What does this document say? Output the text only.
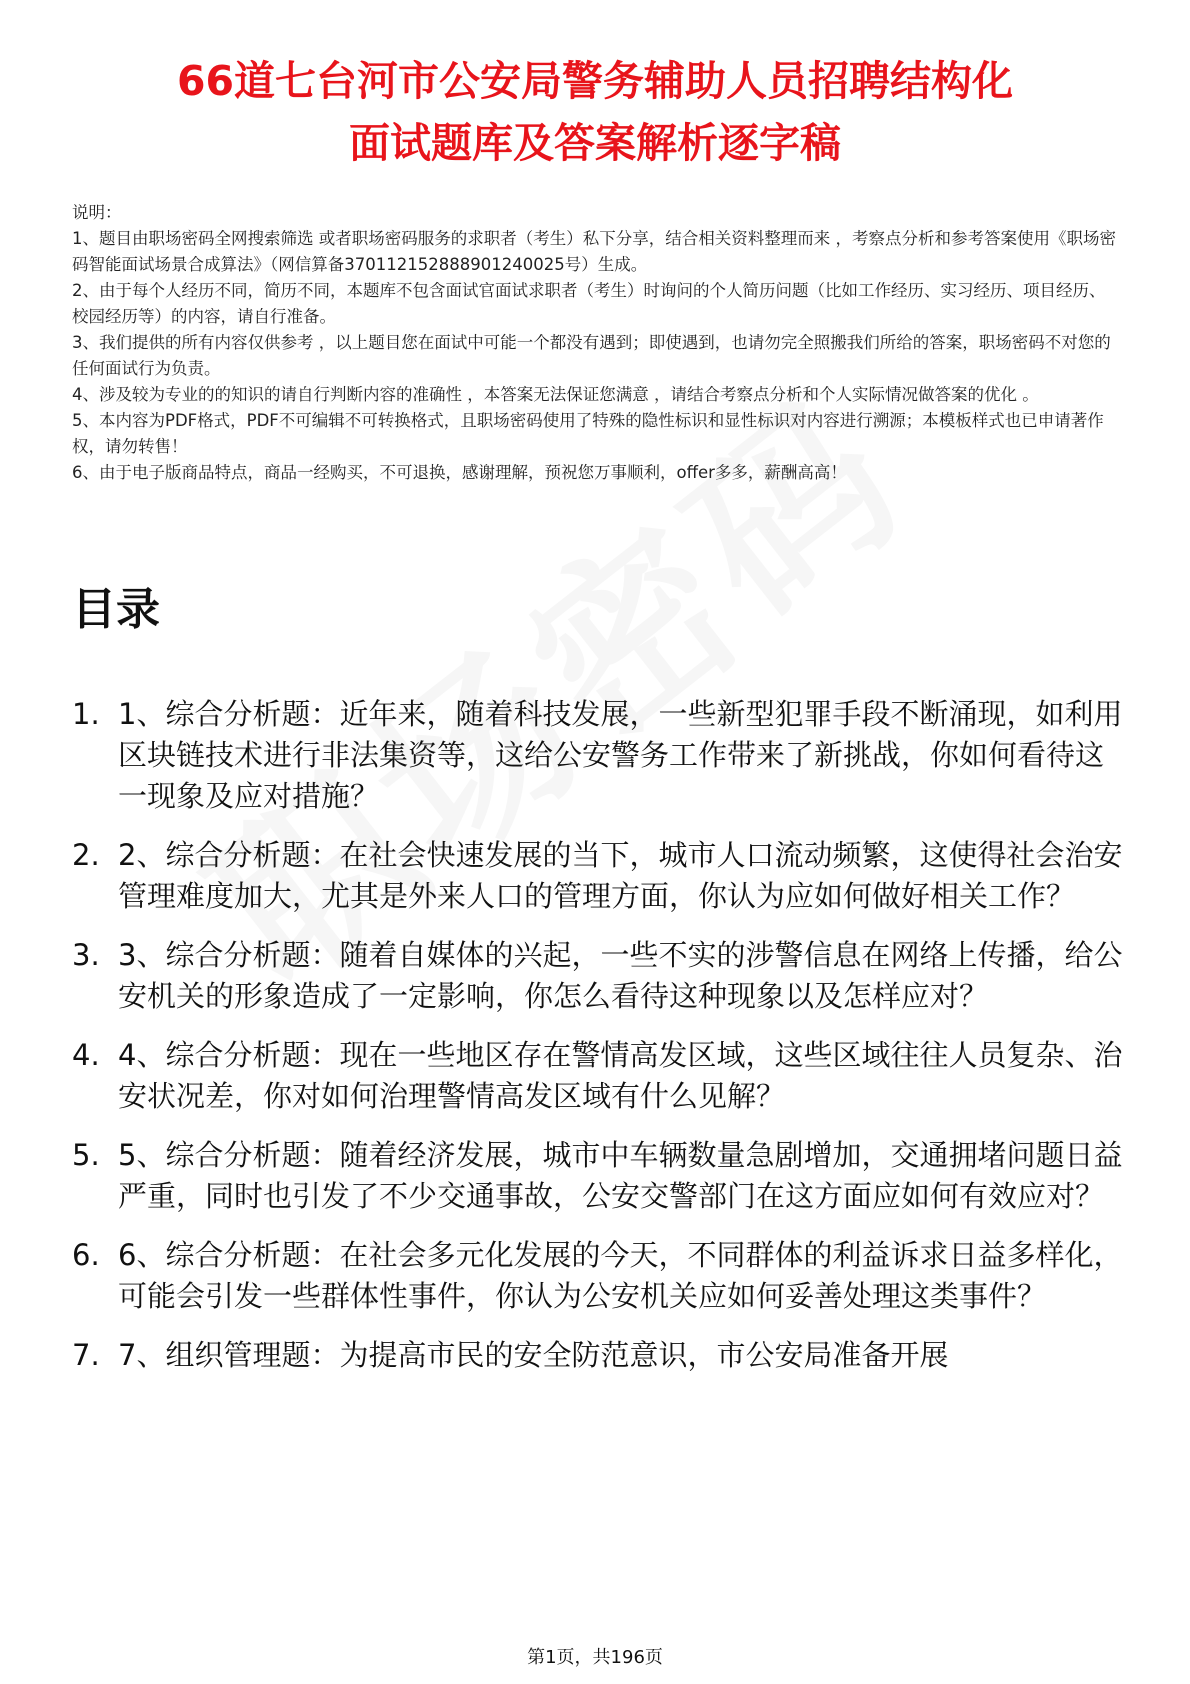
66道七台河市公安局警务辅助人员招聘结构化
面试题库及答案解析逐字稿
说明：
1、题目由职场密码全网搜索筛选 或者职场密码服务的求职者（考生）私下分享，结合相关资料整理而来 ，考察点分析和参考答案使用《职场密码智能面试场景合成算法》（网信算备370112152888901240025号）生成。
2、由于每个人经历不同，简历不同，本题库不包含面试官面试求职者（考生）时询问的个人简历问题（比如工作经历、实习经历、项目经历、校园经历等）的内容，请自行准备。
3、我们提供的所有内容仅供参考 ，以上题目您在面试中可能一个都没有遇到；即使遇到，也请勿完全照搬我们所给的答案，职场密码不对您的任何面试行为负责。
4、涉及较为专业的的知识的请自行判断内容的准确性 ，本答案无法保证您满意 ，请结合考察点分析和个人实际情况做答案的优化 。
5、本内容为PDF格式，PDF不可编辑不可转换格式，且职场密码使用了特殊的隐性标识和显性标识对内容进行溯源；本模板样式也已申请著作权，请勿转售！
6、由于电子版商品特点，商品一经购买，不可退换，感谢理解，预祝您万事顺利，offer多多，薪酬高高！
目录
1. 1、综合分析题：近年来，随着科技发展，一些新型犯罪手段不断涌现，如利用区块链技术进行非法集资等，这给公安警务工作带来了新挑战，你如何看待这一现象及应对措施？
2. 2、综合分析题：在社会快速发展的当下，城市人口流动频繁，这使得社会治安管理难度加大，尤其是外来人口的管理方面，你认为应如何做好相关工作？
3. 3、综合分析题：随着自媒体的兴起，一些不实的涉警信息在网络上传播，给公安机关的形象造成了一定影响，你怎么看待这种现象以及怎样应对？
4. 4、综合分析题：现在一些地区存在警情高发区域，这些区域往往人员复杂、治安状况差，你对如何治理警情高发区域有什么见解？
5. 5、综合分析题：随着经济发展，城市中车辆数量急剧增加，交通拥堵问题日益严重，同时也引发了不少交通事故，公安交警部门在这方面应如何有效应对？
6. 6、综合分析题：在社会多元化发展的今天，不同群体的利益诉求日益多样化，可能会引发一些群体性事件，你认为公安机关应如何妥善处理这类事件？
7. 7、组织管理题：为提高市民的安全防范意识，市公安局准备开展
第1页，共196页
